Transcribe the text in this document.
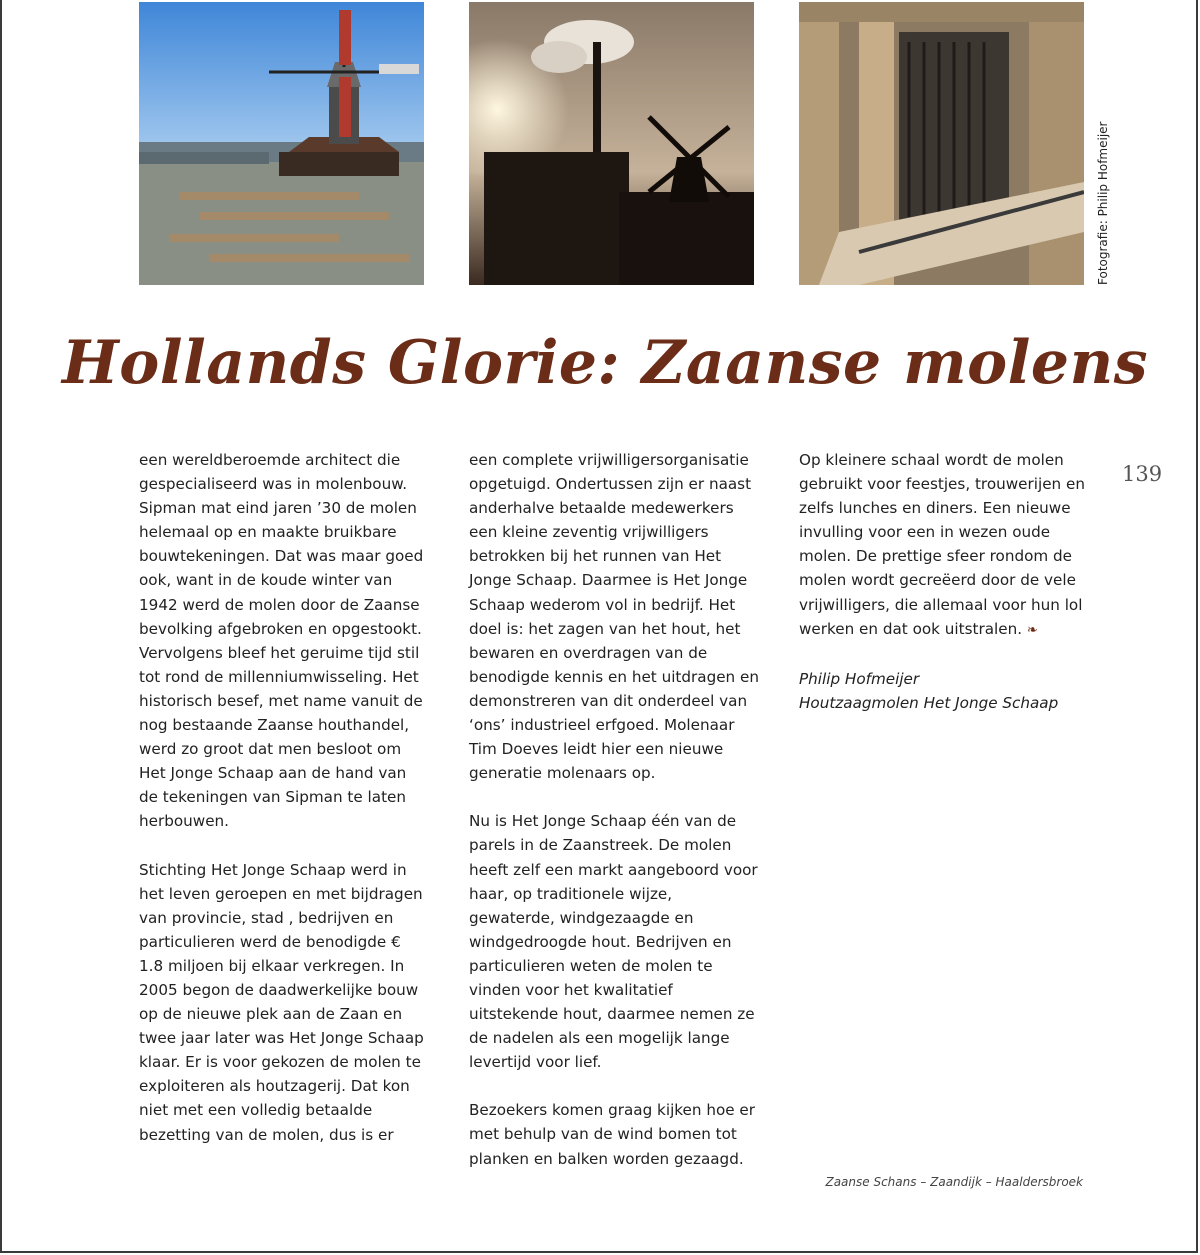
Fotografie: Philip Hofmeijer
Hollands Glorie: Zaanse molens

een wereldberoemde architect die gespecialiseerd was in molenbouw. Sipman mat eind jaren ’30 de molen helemaal op en maakte bruikbare bouwtekeningen. Dat was maar goed ook, want in de koude winter van 1942 werd de molen door de Zaanse bevolking afgebroken en opgestookt. Vervolgens bleef het geruime tijd stil tot rond de millenniumwisseling. Het historisch besef, met name vanuit de nog bestaande Zaanse houthandel, werd zo groot dat men besloot om Het Jonge Schaap aan de hand van de tekeningen van Sipman te laten herbouwen.

Stichting Het Jonge Schaap werd in het leven geroepen en met bijdragen van provincie, stad , bedrijven en particulieren werd de benodigde € 1.8 miljoen bij elkaar verkregen. In 2005 begon de daadwerkelijke bouw op de nieuwe plek aan de Zaan en twee jaar later was Het Jonge Schaap klaar. Er is voor gekozen de molen te exploiteren als houtzagerij. Dat kon niet met een volledig betaalde bezetting van de molen, dus is er

een complete vrijwilligersorganisatie opgetuigd. Ondertussen zijn er naast anderhalve betaalde medewerkers een kleine zeventig vrijwilligers betrokken bij het runnen van Het Jonge Schaap. Daarmee is Het Jonge Schaap wederom vol in bedrijf. Het doel is: het zagen van het hout, het bewaren en overdragen van de benodigde kennis en het uitdragen en demonstreren van dit onderdeel van ‘ons’ industrieel erfgoed. Molenaar Tim Doeves leidt hier een nieuwe generatie molenaars op.

Nu is Het Jonge Schaap één van de parels in de Zaanstreek. De molen heeft zelf een markt aangeboord voor haar, op traditionele wijze, gewaterde, windgezaagde en windgedroogde hout. Bedrijven en particulieren weten de molen te vinden voor het kwalitatief uitstekende hout, daarmee nemen ze de nadelen als een mogelijk lange levertijd voor lief.

Bezoekers komen graag kijken hoe er met behulp van de wind bomen tot planken en balken worden gezaagd.

Op kleinere schaal wordt de molen gebruikt voor feestjes, trouwerijen en zelfs lunches en diners. Een nieuwe invulling voor een in wezen oude molen. De prettige sfeer rondom de molen wordt gecreëerd door de vele vrijwilligers, die allemaal voor hun lol werken en dat ook uitstralen. ❧

Philip Hofmeijer
Houtzaagmolen Het Jonge Schaap
139
Zaanse Schans – Zaandijk – Haaldersbroek
